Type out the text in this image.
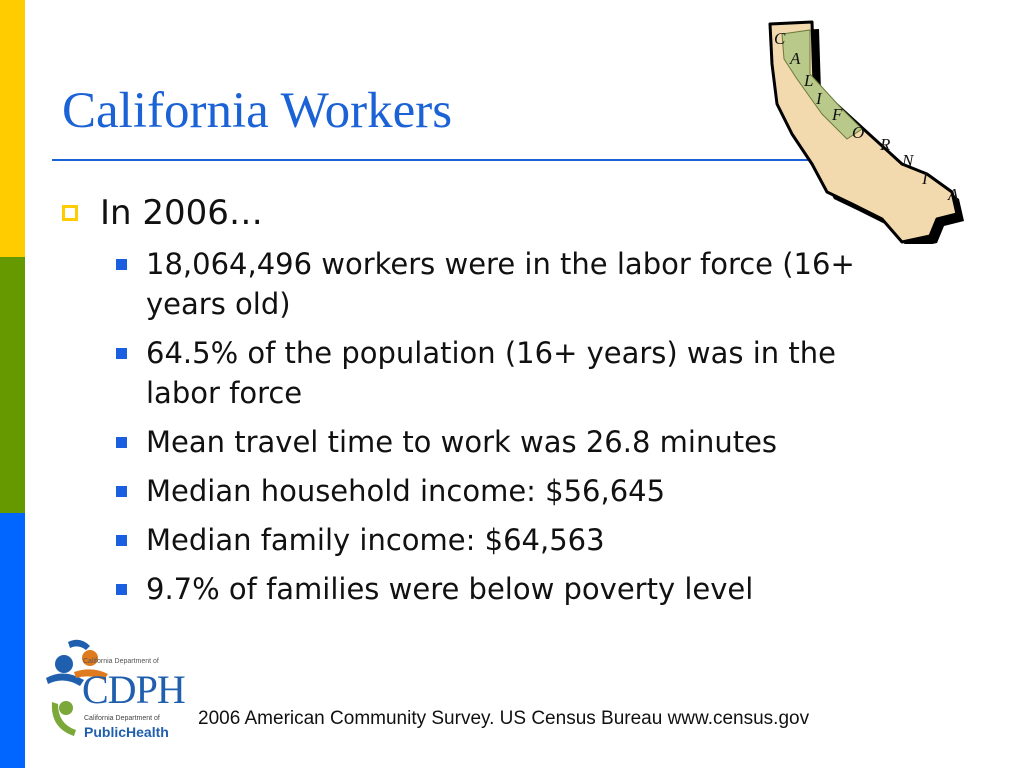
California Workers
In 2006…
18,064,496 workers were in the labor force (16+ years old)
64.5% of the population (16+ years) was in the labor force
Mean travel time to work was 26.8 minutes
Median household income: $56,645
Median family income: $64,563
9.7% of families were below poverty level
C
A
L
I
F
O
R
N
I
A
California Department of
CDPH
California Department of
PublicHealth
2006 American Community Survey. US Census Bureau www.census.gov
